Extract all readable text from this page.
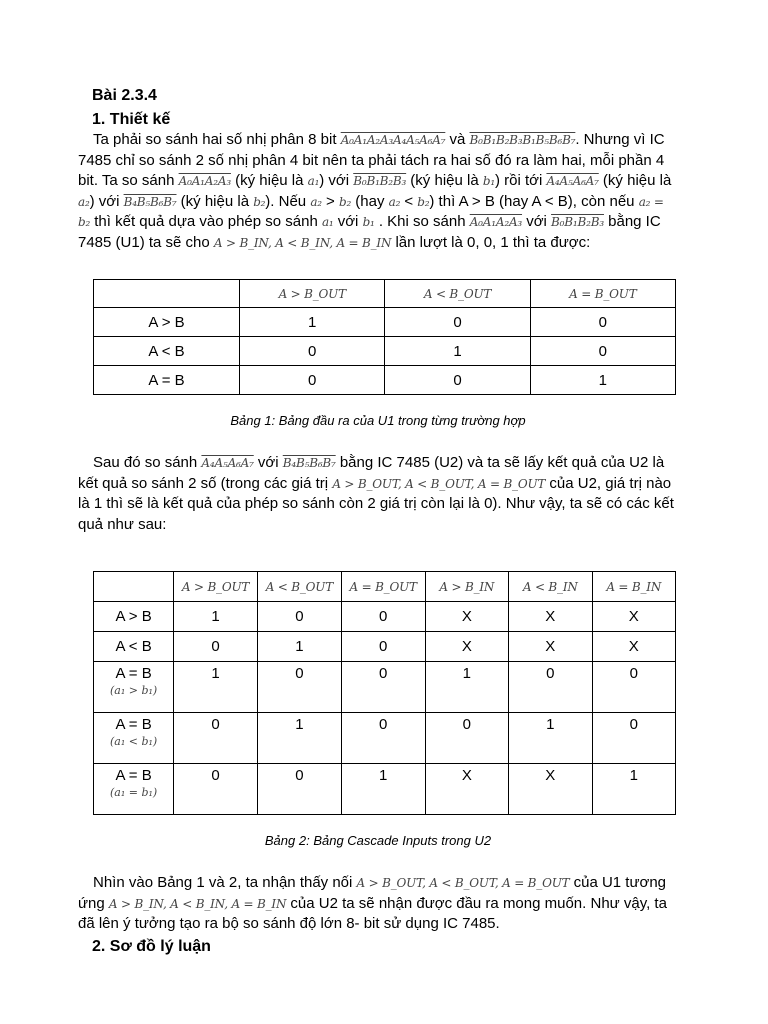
Bài 2.3.4
1. Thiết kế

Ta phải so sánh hai số nhị phân 8 bit A₀A₁A₂A₃A₄A₅A₆A₇ và B₀B₁B₂B₃B₁B₅B₆B₇. Nhưng vì IC 7485 chỉ so sánh 2 số nhị phân 4 bit nên ta phải tách ra hai số đó ra làm hai, mỗi phần 4 bit. Ta so sánh A₀A₁A₂A₃ (ký hiệu là a₁) với B₀B₁B₂B₃ (ký hiệu là b₁) rồi tới A₄A₅A₆A₇ (ký hiệu là a₂) với B₄B₅B₆B₇ (ký hiệu là b₂). Nếu a₂ > b₂ (hay a₂ < b₂) thì A > B (hay A < B), còn nếu a₂ = b₂ thì kết quả dựa vào phép so sánh a₁ với b₁ . Khi so sánh A₀A₁A₂A₃ với B₀B₁B₂B₃ bằng IC 7485 (U1) ta sẽ cho A > B_IN, A < B_IN, A = B_IN lần lượt là 0, 0, 1 thì ta được:

	A > B_OUT	A < B_OUT	A = B_OUT
A > B	1	0	0
A < B	0	1	0
A = B	0	0	1

Bảng 1: Bảng đầu ra của U1 trong từng trường hợp

Sau đó so sánh A₄A₅A₆A₇ với B₄B₅B₆B₇ bằng IC 7485 (U2) và ta sẽ lấy kết quả của U2 là kết quả so sánh 2 số (trong các giá trị A > B_OUT, A < B_OUT, A = B_OUT của U2, giá trị nào là 1 thì sẽ là kết quả của phép so sánh còn 2 giá trị còn lại là 0). Như vậy, ta sẽ có các kết quả như sau:

	A > B_OUT	A < B_OUT	A = B_OUT	A > B_IN	A < B_IN	A = B_IN
A > B	1	0	0	X	X	X
A < B	0	1	0	X	X	X
A = B
(a₁ > b₁)	1	0	0	1	0	0
A = B
(a₁ < b₁)	0	1	0	0	1	0
A = B
(a₁ = b₁)	0	0	1	X	X	1

Bảng 2: Bảng Cascade Inputs trong U2

Nhìn vào Bảng 1 và 2, ta nhận thấy nối A > B_OUT, A < B_OUT, A = B_OUT của U1 tương ứng A > B_IN, A < B_IN, A = B_IN của U2 ta sẽ nhận được đầu ra mong muốn. Như vậy, ta đã lên ý tưởng tạo ra bộ so sánh độ lớn 8- bit sử dụng IC 7485.

2. Sơ đồ lý luận
